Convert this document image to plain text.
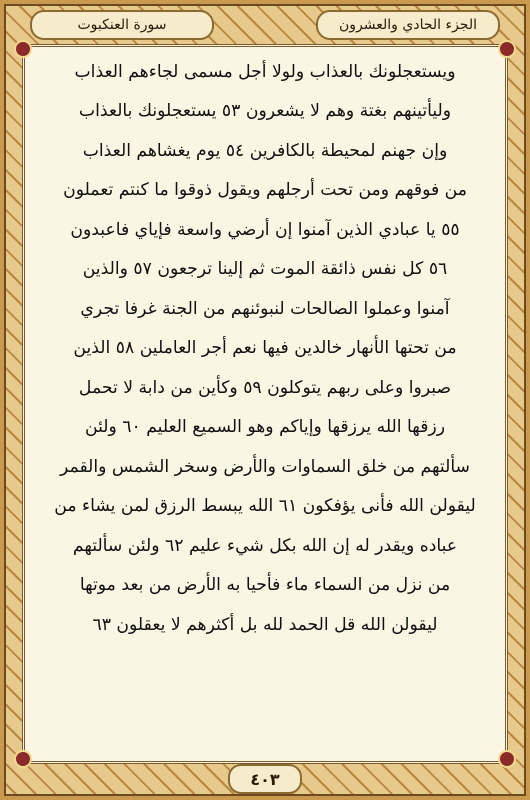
الجزء الحادي والعشرون
سورة العنكبوت
ويستعجلونك بالعذاب ولولا أجل مسمى لجاءهم العذاب
وليأتينهم بغتة وهم لا يشعرون ٥٣ يستعجلونك بالعذاب
وإن جهنم لمحيطة بالكافرين ٥٤ يوم يغشاهم العذاب
من فوقهم ومن تحت أرجلهم ويقول ذوقوا ما كنتم تعملون
٥٥ يا عبادي الذين آمنوا إن أرضي واسعة فإياي فاعبدون
٥٦ كل نفس ذائقة الموت ثم إلينا ترجعون ٥٧ والذين
آمنوا وعملوا الصالحات لنبوئنهم من الجنة غرفا تجري
من تحتها الأنهار خالدين فيها نعم أجر العاملين ٥٨ الذين
صبروا وعلى ربهم يتوكلون ٥٩ وكأين من دابة لا تحمل
رزقها الله يرزقها وإياكم وهو السميع العليم ٦٠ ولئن
سألتهم من خلق السماوات والأرض وسخر الشمس والقمر
ليقولن الله فأنى يؤفكون ٦١ الله يبسط الرزق لمن يشاء من
عباده ويقدر له إن الله بكل شيء عليم ٦٢ ولئن سألتهم
من نزل من السماء ماء فأحيا به الأرض من بعد موتها
ليقولن الله قل الحمد لله بل أكثرهم لا يعقلون ٦٣
٤٠٣
